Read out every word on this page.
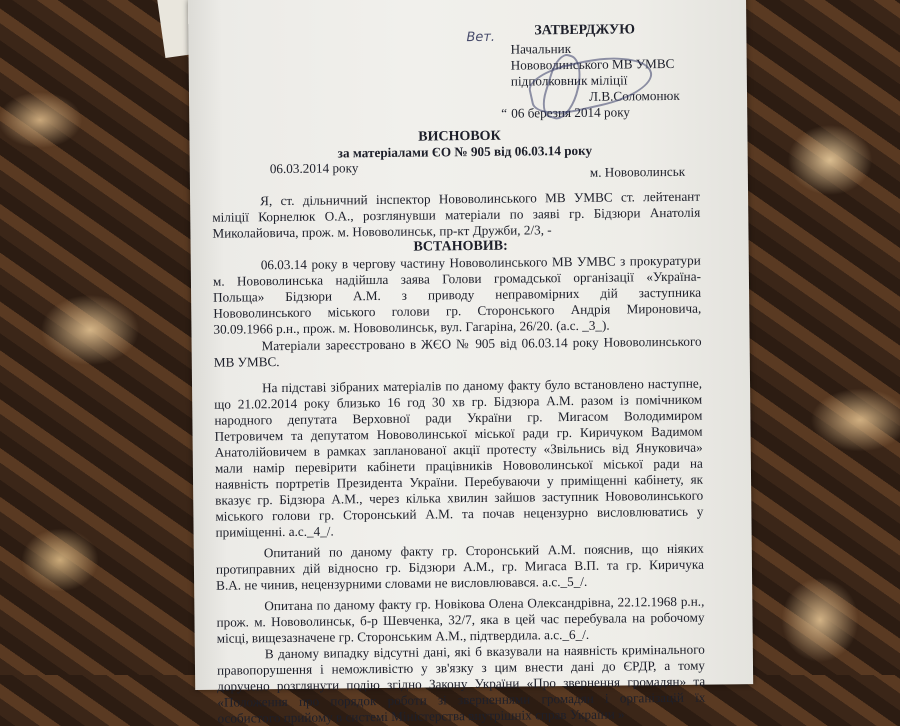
ЗАТВЕРДЖУЮ
Вет.
Начальник
Нововолинського МВ УМВС
підполковник міліції
Л.В.Соломонюк
“ 06 березня 2014 року
ВИСНОВОК
за матеріалами ЄО № 905 від 06.03.14 року
06.03.2014 року	м. Нововолинськ
Я, ст. дільничний інспектор Нововолинського МВ УМВС ст. лейтенант
міліції Корнелюк О.А., розглянувши матеріали по заяві гр. Бідзюри Анатолія
Миколайовича, прож. м. Нововолинськ, пр-кт Дружби, 2/3, -
ВСТАНОВИВ:
06.03.14 року в чергову частину Нововолинського МВ УМВС з прокуратури
м. Нововолинська надійшла заява Голови громадської організації «Україна-
Польща» Бідзюри А.М. з приводу неправомірних дій заступника
Нововолинського міського голови гр. Сторонського Андрія Мироновича,
30.09.1966 р.н., прож. м. Нововолинськ, вул. Гагаріна, 26/20. (а.с. _3_).
Матеріали зареєстровано в ЖЄО № 905 від 06.03.14 року Нововолинського
МВ УМВС.
На підставі зібраних матеріалів по даному факту було встановлено наступне,
що 21.02.2014 року близько 16 год 30 хв гр. Бідзюра А.М. разом із помічником
народного депутата Верховної ради України гр. Мигасом Володимиром
Петровичем та депутатом Нововолинської міської ради гр. Киричуком Вадимом
Анатолійовичем в рамках запланованої акції протесту «Звільнись від Януковича»
мали намір перевірити кабінети працівників Нововолинської міської ради на
наявність портретів Президента України. Перебуваючи у приміщенні кабінету, як
вказує гр. Бідзюра А.М., через кілька хвилин зайшов заступник Нововолинського
міського голови гр. Сторонський А.М. та почав нецензурно висловлюватись у
приміщенні. а.с._4_/.
Опитаний по даному факту гр. Сторонський А.М. пояснив, що ніяких
протиправних дій відносно гр. Бідзюри А.М., гр. Мигаса В.П. та гр. Киричука
В.А. не чинив, нецензурними словами не висловлювався. а.с._5_/.
Опитана по даному факту гр. Новікова Олена Олександрівна, 22.12.1968 р.н.,
прож. м. Нововолинськ, б-р Шевченка, 32/7, яка в цей час перебувала на робочому
місці, вищезазначене гр. Сторонським А.М., підтвердила. а.с._6_/.
В даному випадку відсутні дані, які б вказували на наявність кримінального
правопорушення і неможливістю у зв'язку з цим внести дані до ЄРДР, а тому
доручено розглянути подію згідно Закону України «Про звернення громадян» та
«Положення про порядок роботи зі зверненнями громадян і організацій їх
особистого прийому в системі Міністерства внутрішніх справ України »
